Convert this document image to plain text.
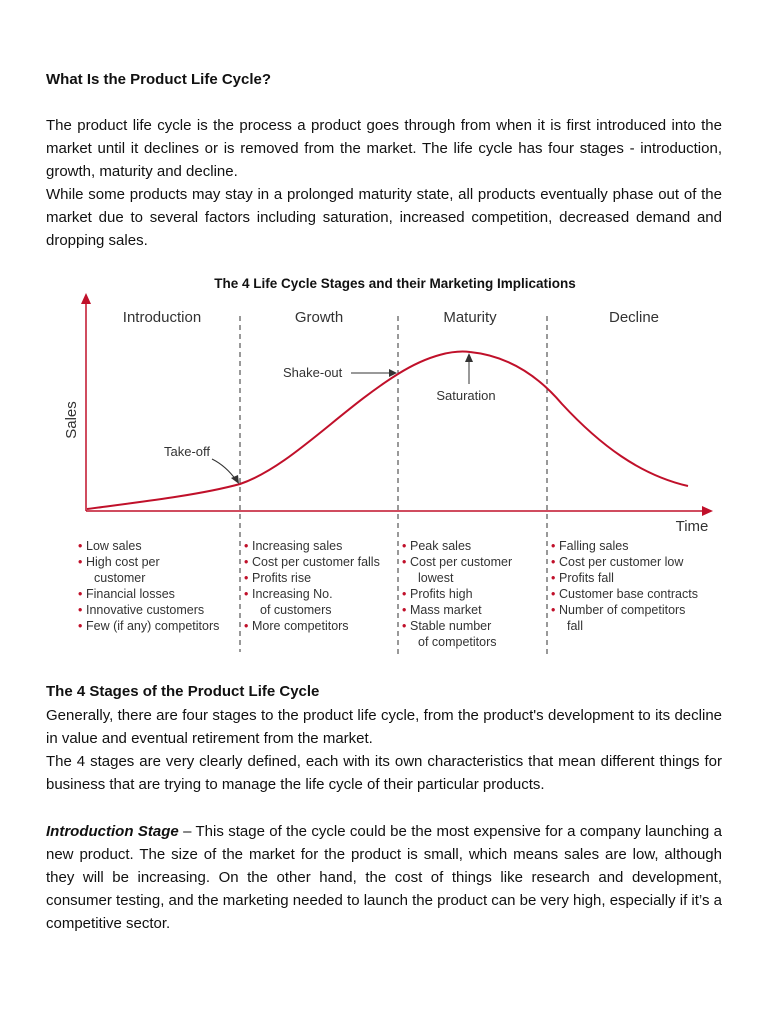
What Is the Product Life Cycle?

The product life cycle is the process a product goes through from when it is first introduced into the market until it declines or is removed from the market. The life cycle has four stages - introduction, growth, maturity and decline.

While some products may stay in a prolonged maturity state, all products eventually phase out of the market due to several factors including saturation, increased competition, decreased demand and dropping sales.

The 4 Life Cycle Stages and their Marketing Implications
Introduction	Growth	Maturity	Decline
Sales
Time
Take-off
Shake-out
Saturation
• Low sales
• High cost per
customer
• Financial losses
• Innovative customers
• Few (if any) competitors
• Increasing sales
• Cost per customer falls
• Profits rise
• Increasing No.
of customers
• More competitors
• Peak sales
• Cost per customer
lowest
• Profits high
• Mass market
• Stable number
of competitors
• Falling sales
• Cost per customer low
• Profits fall
• Customer base contracts
• Number of competitors
fall
The 4 Stages of the Product Life Cycle

Generally, there are four stages to the product life cycle, from the product's development to its decline in value and eventual retirement from the market.

The 4 stages are very clearly defined, each with its own characteristics that mean different things for business that are trying to manage the life cycle of their particular products.

Introduction Stage – This stage of the cycle could be the most expensive for a company launching a new product. The size of the market for the product is small, which means sales are low, although they will be increasing. On the other hand, the cost of things like research and development, consumer testing, and the marketing needed to launch the product can be very high, especially if it’s a competitive sector.
